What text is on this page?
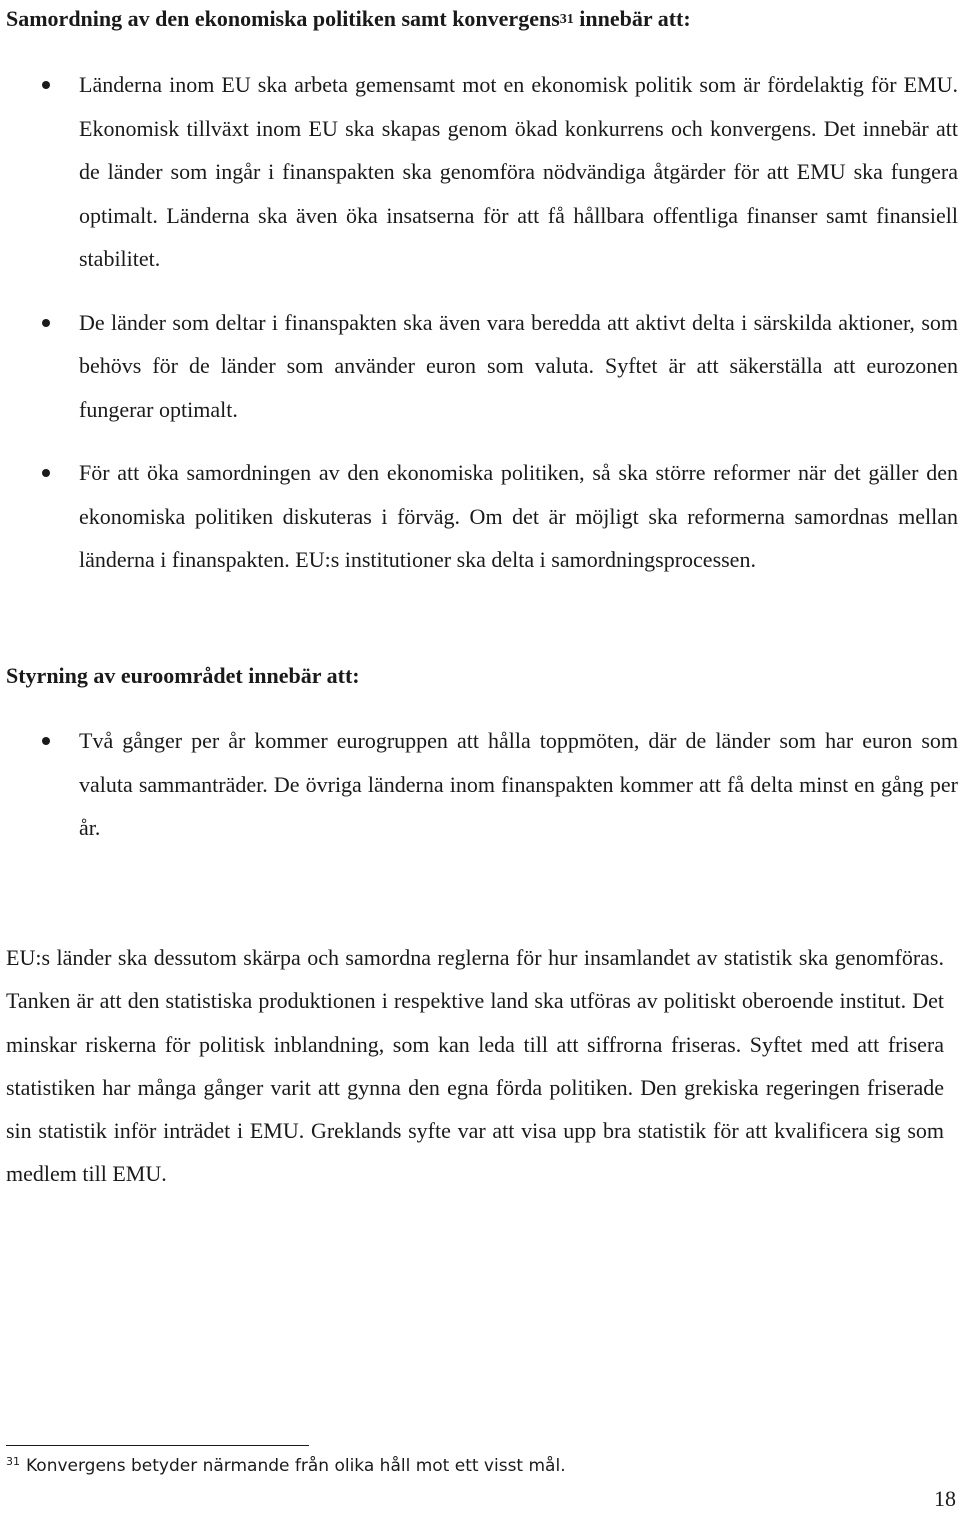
Samordning av den ekonomiska politiken samt konvergens$^{31}$ innebär att:
Länderna inom EU ska arbeta gemensamt mot en ekonomisk politik som är fördelaktig för EMU. Ekonomisk tillväxt inom EU ska skapas genom ökad konkurrens och konvergens. Det innebär att de länder som ingår i finanspakten ska genomföra nödvändiga åtgärder för att EMU ska fungera optimalt. Länderna ska även öka insatserna för att få hållbara offentliga finanser samt finansiell stabilitet.
De länder som deltar i finanspakten ska även vara beredda att aktivt delta i särskilda aktioner, som behövs för de länder som använder euron som valuta. Syftet är att säkerställa att eurozonen fungerar optimalt.
För att öka samordningen av den ekonomiska politiken, så ska större reformer när det gäller den ekonomiska politiken diskuteras i förväg. Om det är möjligt ska reformerna samordnas mellan länderna i finanspakten. EU:s institutioner ska delta i samordningsprocessen.
Styrning av euroområdet innebär att:
Två gånger per år kommer eurogruppen att hålla toppmöten, där de länder som har euron som valuta sammanträder. De övriga länderna inom finanspakten kommer att få delta minst en gång per år.

EU:s länder ska dessutom skärpa och samordna reglerna för hur insamlandet av statistik ska genomföras. Tanken är att den statistiska produktionen i respektive land ska utföras av politiskt oberoende institut. Det minskar riskerna för politisk inblandning, som kan leda till att siffrorna friseras. Syftet med att frisera statistiken har många gånger varit att gynna den egna förda politiken. Den grekiska regeringen friserade sin statistik inför inträdet i EMU. Greklands syfte var att visa upp bra statistik för att kvalificera sig som medlem till EMU.

$^{31}$ Konvergens betyder närmande från olika håll mot ett visst mål.

18
